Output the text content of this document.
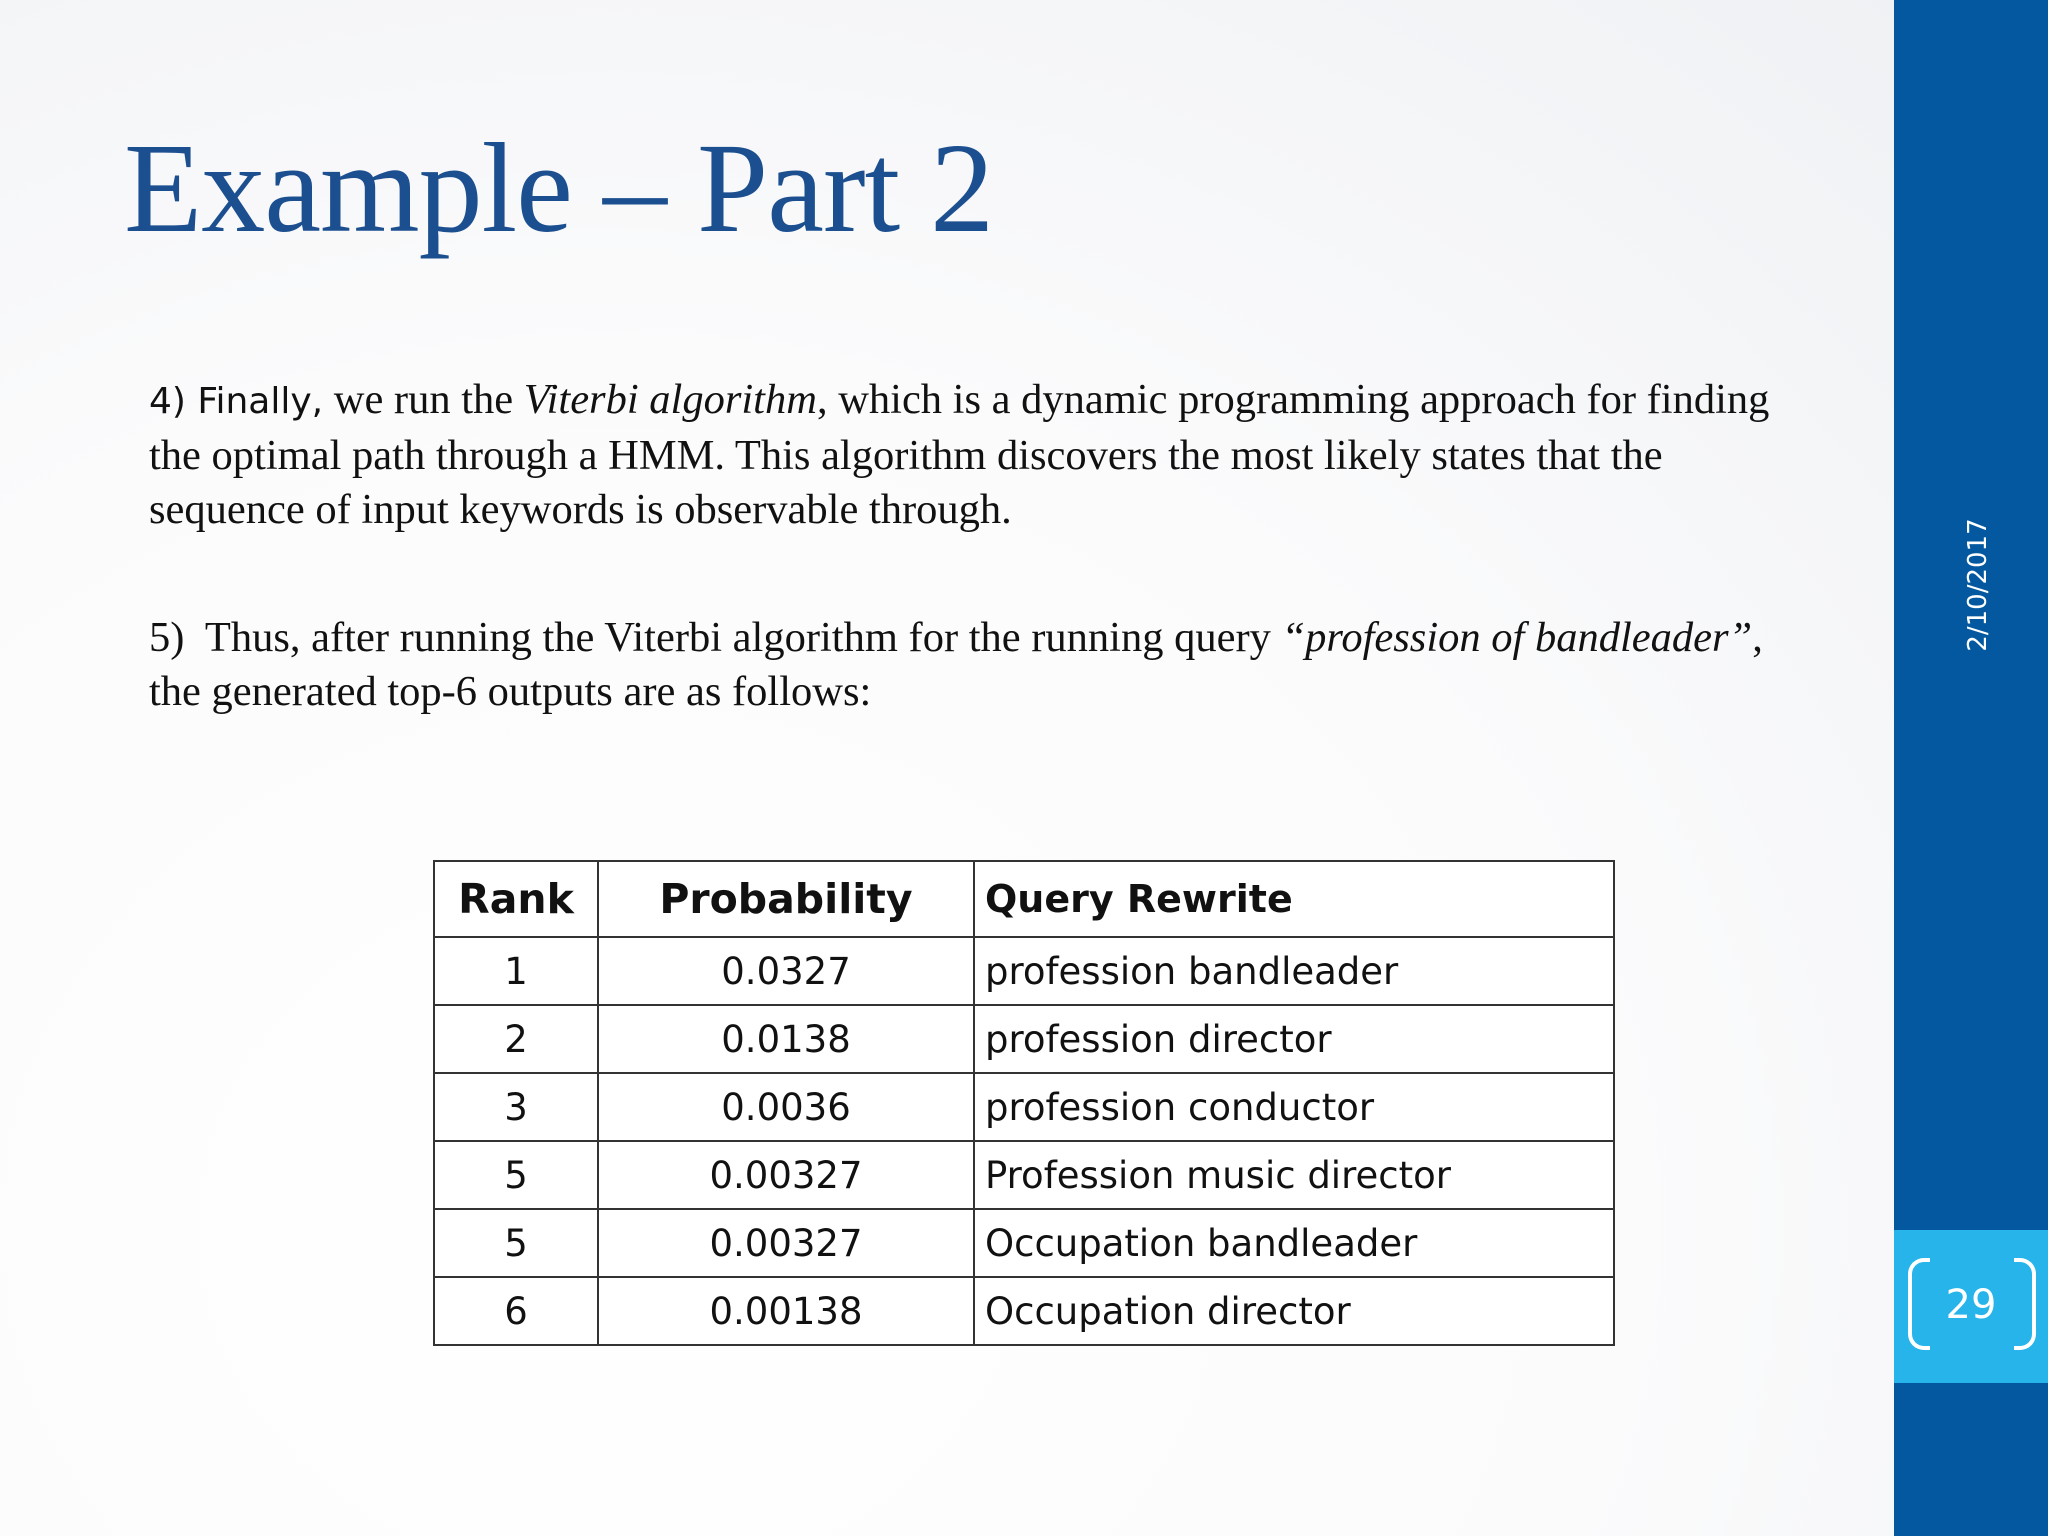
Example – Part 2

4) Finally, we run the Viterbi algorithm, which is a dynamic programming approach for finding the optimal path through a HMM. This algorithm discovers the most likely states that the sequence of input keywords is observable through.

5)  Thus, after running the Viterbi algorithm for the running query “profession of bandleader”, the generated top-6 outputs are as follows:

Rank	Probability	Query Rewrite
1	0.0327	profession bandleader
2	0.0138	profession director
3	0.0036	profession conductor
5	0.00327	Profession music director
5	0.00327	Occupation bandleader
6	0.00138	Occupation director
2/10/2017
29
